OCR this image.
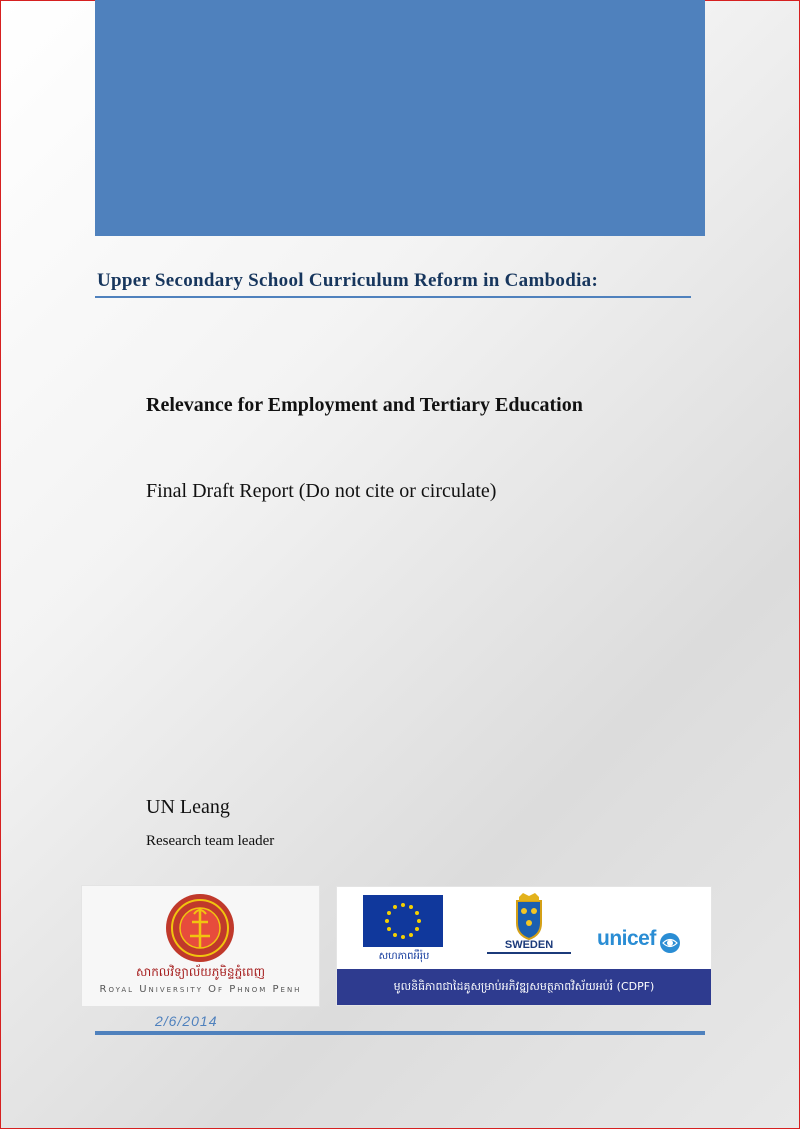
Upper Secondary School Curriculum Reform in Cambodia:
Relevance for Employment and Tertiary Education
Final Draft Report (Do not cite or circulate)
UN Leang
Research team leader
សាកលវិទ្យាល័យភូមិន្ទភ្នំពេញ
Royal University Of Phnom Penh
សហភាពអឺរ៉ុប
SWEDEN	unicef
មូលនិធិភាពជាដៃគូសម្រាប់អភិវឌ្ឍសមត្ថភាពវិស័យអប់រំ (CDPF)
2/6/2014
